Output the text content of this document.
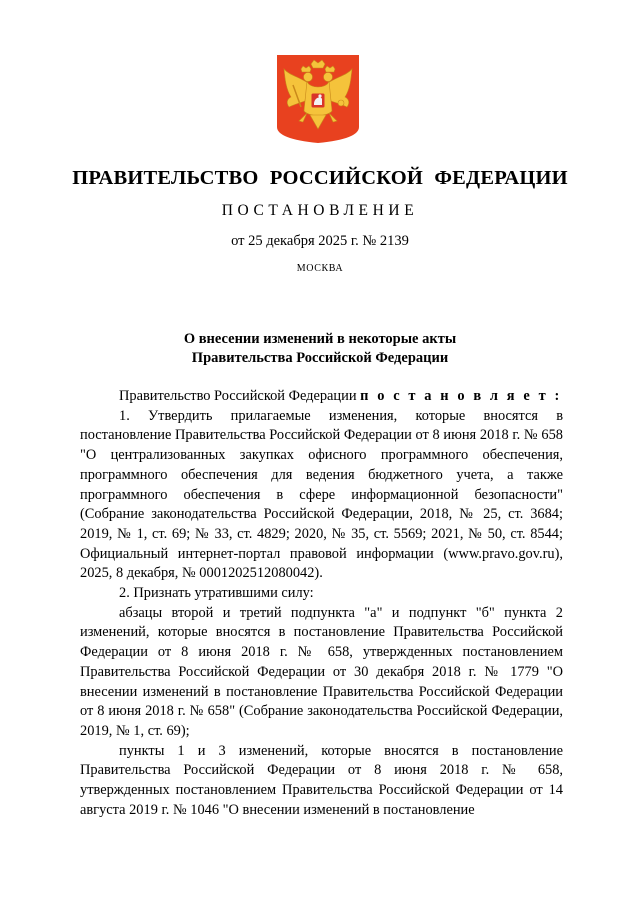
ПРАВИТЕЛЬСТВО РОССИЙСКОЙ ФЕДЕРАЦИИ
ПОСТАНОВЛЕНИЕ
от 25 декабря 2025 г. № 2139
МОСКВА
О внесении изменений в некоторые акты
Правительства Российской Федерации

Правительство Российской Федерации п о с т а н о в л я е т :

1. Утвердить прилагаемые изменения, которые вносятся в постановление Правительства Российской Федерации от 8 июня 2018 г. № 658 "О централизованных закупках офисного программного обеспечения, программного обеспечения для ведения бюджетного учета, а также программного обеспечения в сфере информационной безопасности" (Собрание законодательства Российской Федерации, 2018, № 25, ст. 3684; 2019, № 1, ст. 69; № 33, ст. 4829; 2020, № 35, ст. 5569; 2021, № 50, ст. 8544; Официальный интернет-портал правовой информации (www.pravo.gov.ru), 2025, 8 декабря, № 0001202512080042).

2. Признать утратившими силу:

абзацы второй и третий подпункта "а" и подпункт "б" пункта 2 изменений, которые вносятся в постановление Правительства Российской Федерации от 8 июня 2018 г. № 658, утвержденных постановлением Правительства Российской Федерации от 30 декабря 2018 г. № 1779 "О внесении изменений в постановление Правительства Российской Федерации от 8 июня 2018 г. № 658" (Собрание законодательства Российской Федерации, 2019, № 1, ст. 69);

пункты 1 и 3 изменений, которые вносятся в постановление Правительства Российской Федерации от 8 июня 2018 г. № 658, утвержденных постановлением Правительства Российской Федерации от 14 августа 2019 г. № 1046 "О внесении изменений в постановление
